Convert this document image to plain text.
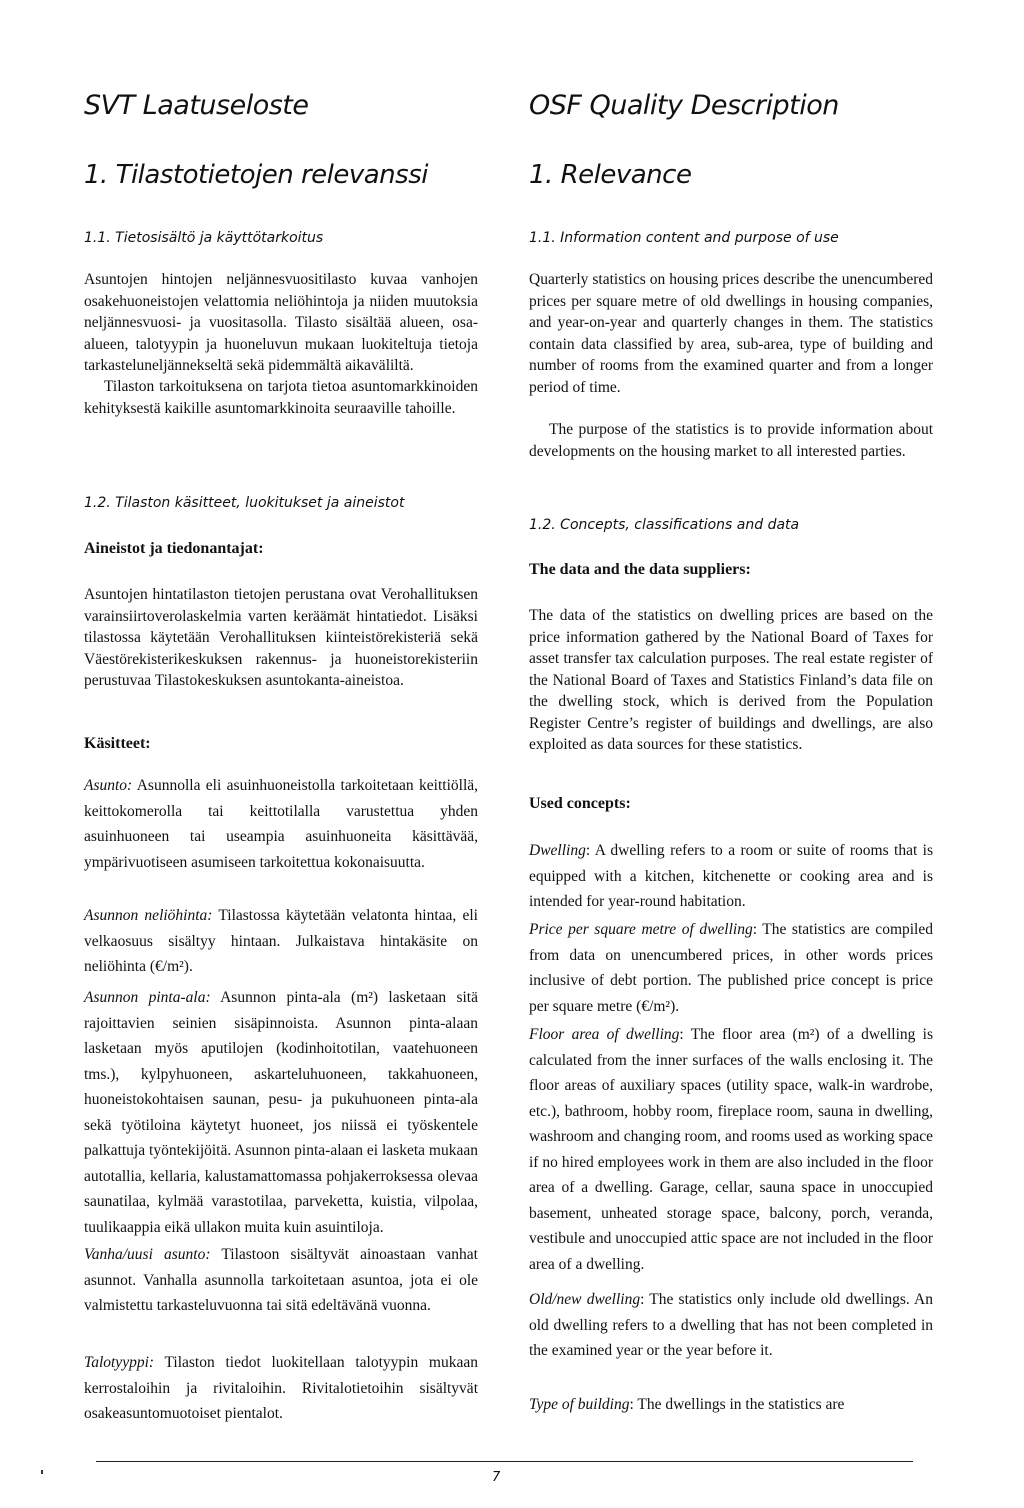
SVT Laatuseloste
1. Tilastotietojen relevanssi
1.1. Tietosisältö ja käyttötarkoitus

Asuntojen hintojen neljännesvuositilasto kuvaa vanhojen osakehuoneistojen velattomia neliöhintoja ja niiden muutoksia neljännesvuosi- ja vuositasolla. Tilasto sisältää alueen, osa-alueen, talotyypin ja huoneluvun mukaan luokiteltuja tietoja tarkasteluneljännekseltä sekä pidemmältä aikaväliltä.

Tilaston tarkoituksena on tarjota tietoa asuntomarkkinoiden kehityksestä kaikille asuntomarkkinoita seuraaville tahoille.

1.2. Tilaston käsitteet, luokitukset ja aineistot
Aineistot ja tiedonantajat:

Asuntojen hintatilaston tietojen perustana ovat Verohallituksen varainsiirtoverolaskelmia varten keräämät hintatiedot. Lisäksi tilastossa käytetään Verohallituksen kiinteistörekisteriä sekä Väestörekisterikeskuksen rakennus- ja huoneistorekisteriin perustuvaa Tilastokeskuksen asuntokanta-aineistoa.

Käsitteet:

Asunto: Asunnolla eli asuinhuoneistolla tarkoitetaan keittiöllä, keittokomerolla tai keittotilalla varustettua yhden asuinhuoneen tai useampia asuinhuoneita käsittävää, ympärivuotiseen asumiseen tarkoitettua kokonaisuutta.

Asunnon neliöhinta: Tilastossa käytetään velatonta hintaa, eli velkaosuus sisältyy hintaan. Julkaistava hintakäsite on neliöhinta (€/m²).

Asunnon pinta-ala: Asunnon pinta-ala (m²) lasketaan sitä rajoittavien seinien sisäpinnoista. Asunnon pinta-alaan lasketaan myös aputilojen (kodinhoitotilan, vaatehuoneen tms.), kylpyhuoneen, askarteluhuoneen, takkahuoneen, huoneistokohtaisen saunan, pesu- ja pukuhuoneen pinta-ala sekä työtiloina käytetyt huoneet, jos niissä ei työskentele palkattuja työntekijöitä. Asunnon pinta-alaan ei lasketa mukaan autotallia, kellaria, kalustamattomassa pohjakerroksessa olevaa saunatilaa, kylmää varastotilaa, parveketta, kuistia, vilpolaa, tuulikaappia eikä ullakon muita kuin asuintiloja.

Vanha/uusi asunto: Tilastoon sisältyvät ainoastaan vanhat asunnot. Vanhalla asunnolla tarkoitetaan asuntoa, jota ei ole valmistettu tarkasteluvuonna tai sitä edeltävänä vuonna.

Talotyyppi: Tilaston tiedot luokitellaan talotyypin mukaan kerrostaloihin ja rivitaloihin. Rivitalotietoihin sisältyvät osakeasuntomuotoiset pientalot.

OSF Quality Description
1. Relevance
1.1. Information content and purpose of use

Quarterly statistics on housing prices describe the unencumbered prices per square metre of old dwellings in housing companies, and year-on-year and quarterly changes in them. The statistics contain data classified by area, sub-area, type of building and number of rooms from the examined quarter and from a longer period of time.

The purpose of the statistics is to provide information about developments on the housing market to all interested parties.

1.2. Concepts, classifications and data
The data and the data suppliers:

The data of the statistics on dwelling prices are based on the price information gathered by the National Board of Taxes for asset transfer tax calculation purposes. The real estate register of the National Board of Taxes and Statistics Finland’s data file on the dwelling stock, which is derived from the Population Register Centre’s register of buildings and dwellings, are also exploited as data sources for these statistics.

Used concepts:

Dwelling: A dwelling refers to a room or suite of rooms that is equipped with a kitchen, kitchenette or cooking area and is intended for year-round habitation.

Price per square metre of dwelling: The statistics are compiled from data on unencumbered prices, in other words prices inclusive of debt portion. The published price concept is price per square metre (€/m²).

Floor area of dwelling: The floor area (m²) of a dwelling is calculated from the inner surfaces of the walls enclosing it. The floor areas of auxiliary spaces (utility space, walk-in wardrobe, etc.), bathroom, hobby room, fireplace room, sauna in dwelling, washroom and changing room, and rooms used as working space if no hired employees work in them are also included in the floor area of a dwelling. Garage, cellar, sauna space in unoccupied basement, unheated storage space, balcony, porch, veranda, vestibule and unoccupied attic space are not included in the floor area of a dwelling.

Old/new dwelling: The statistics only include old dwellings. An old dwelling refers to a dwelling that has not been completed in the examined year or the year before it.

Type of building: The dwellings in the statistics are

7
